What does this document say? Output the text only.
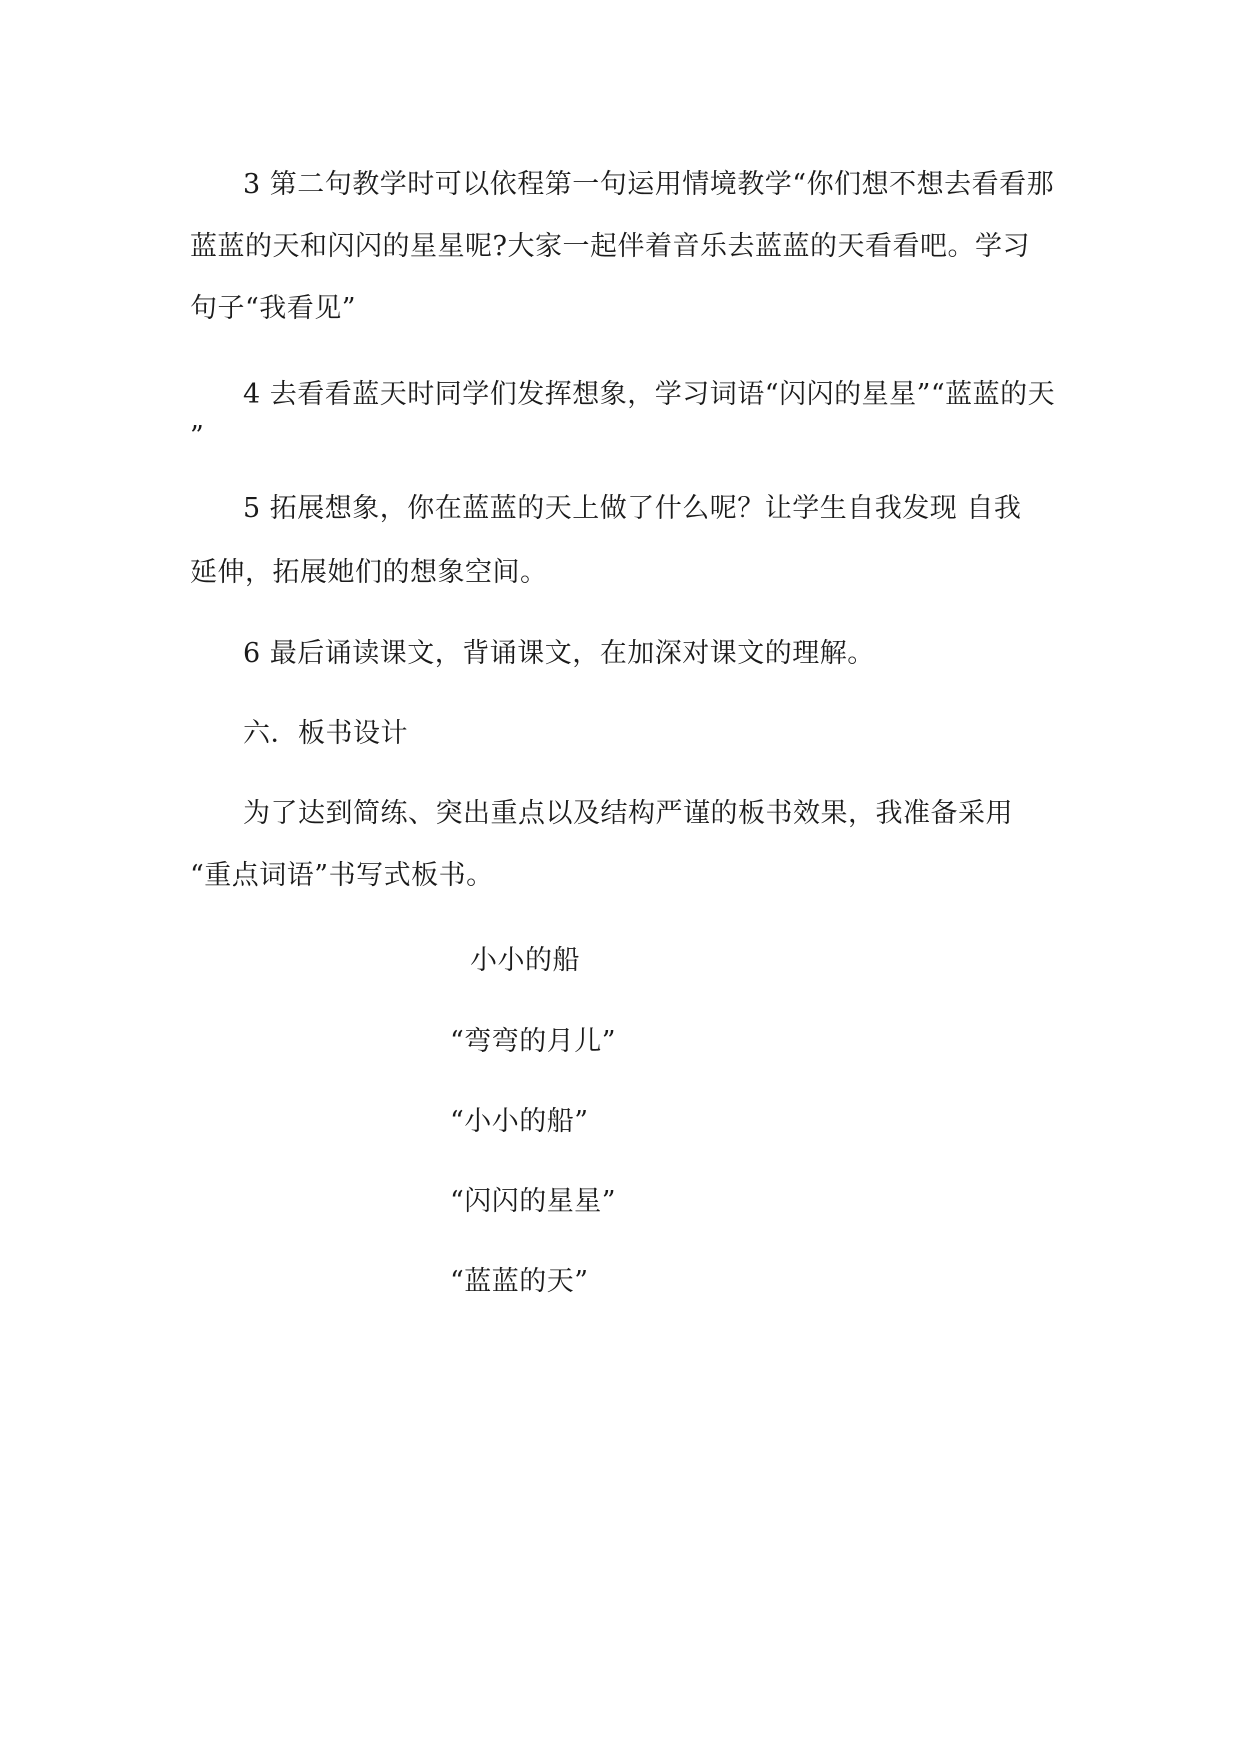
3 第二句教学时可以依程第一句运用情境教学“你们想不想去看看那
蓝蓝的天和闪闪的星星呢?大家一起伴着音乐去蓝蓝的天看看吧。学习
句子“我看见”
4 去看看蓝天时同学们发挥想象，学习词语“闪闪的星星”“蓝蓝的天
”
5 拓展想象，你在蓝蓝的天上做了什么呢？让学生自我发现 自我
延伸，拓展她们的想象空间。
6 最后诵读课文，背诵课文，在加深对课文的理解。
六．板书设计
为了达到简练、突出重点以及结构严谨的板书效果，我准备采用
“重点词语”书写式板书。
小小的船
“弯弯的月儿”
“小小的船”
“闪闪的星星”
“蓝蓝的天”
